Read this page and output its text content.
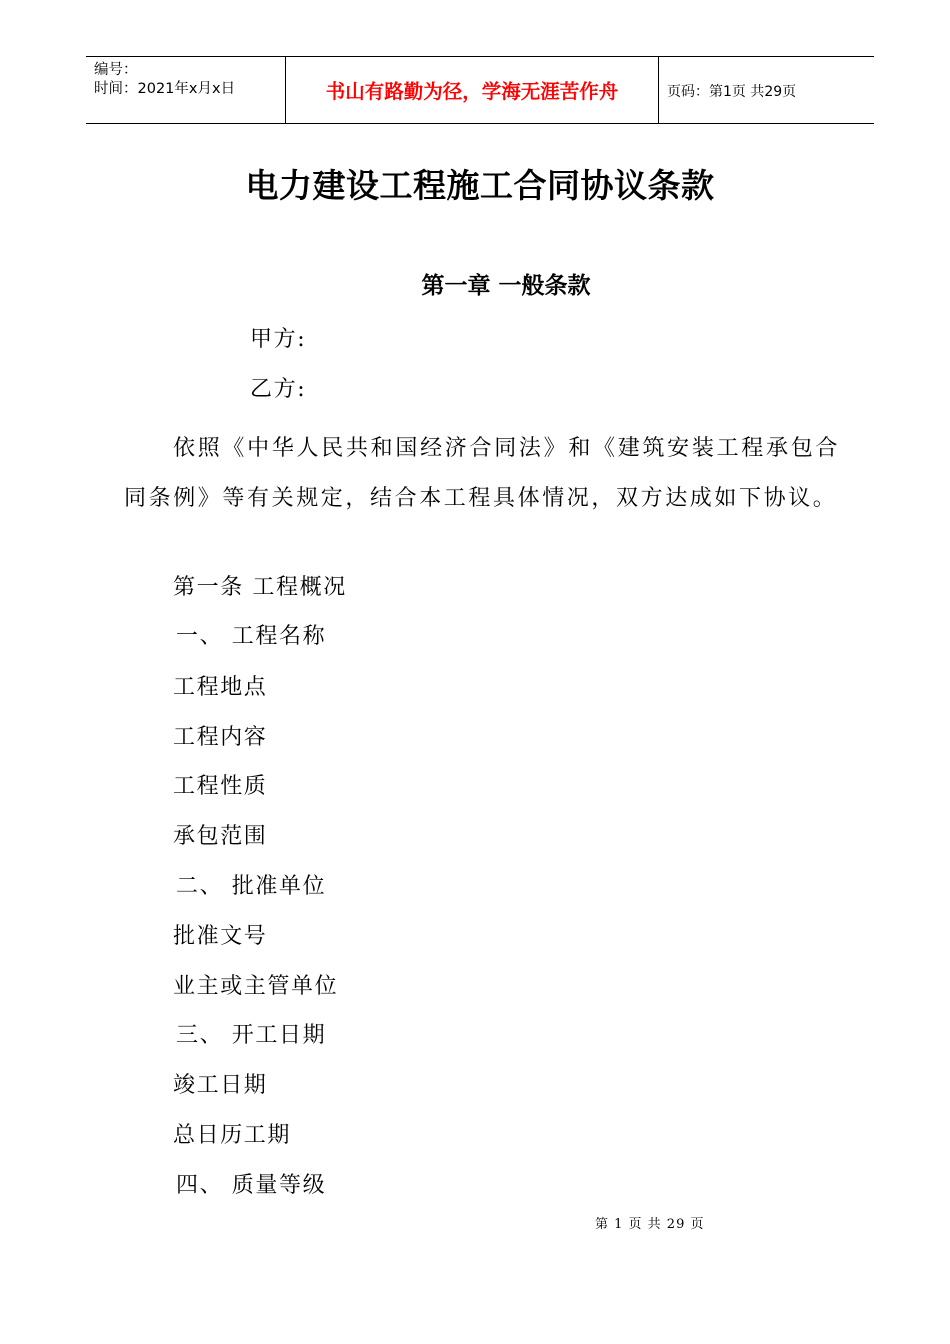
编号：
时间：2021年x月x日	书山有路勤为径，学海无涯苦作舟	页码：第1页 共29页
电力建设工程施工合同协议条款
第一章 一般条款
甲方:
乙方:
依照《中华人民共和国经济合同法》和《建筑安装工程承包合同条例》等有关规定，结合本工程具体情况，双方达成如下协议。
第一条 工程概况
一、 工程名称
工程地点
工程内容
工程性质
承包范围
二、 批准单位
批准文号
业主或主管单位
三、 开工日期
竣工日期
总日历工期
四、 质量等级
第 1 页 共 29 页
